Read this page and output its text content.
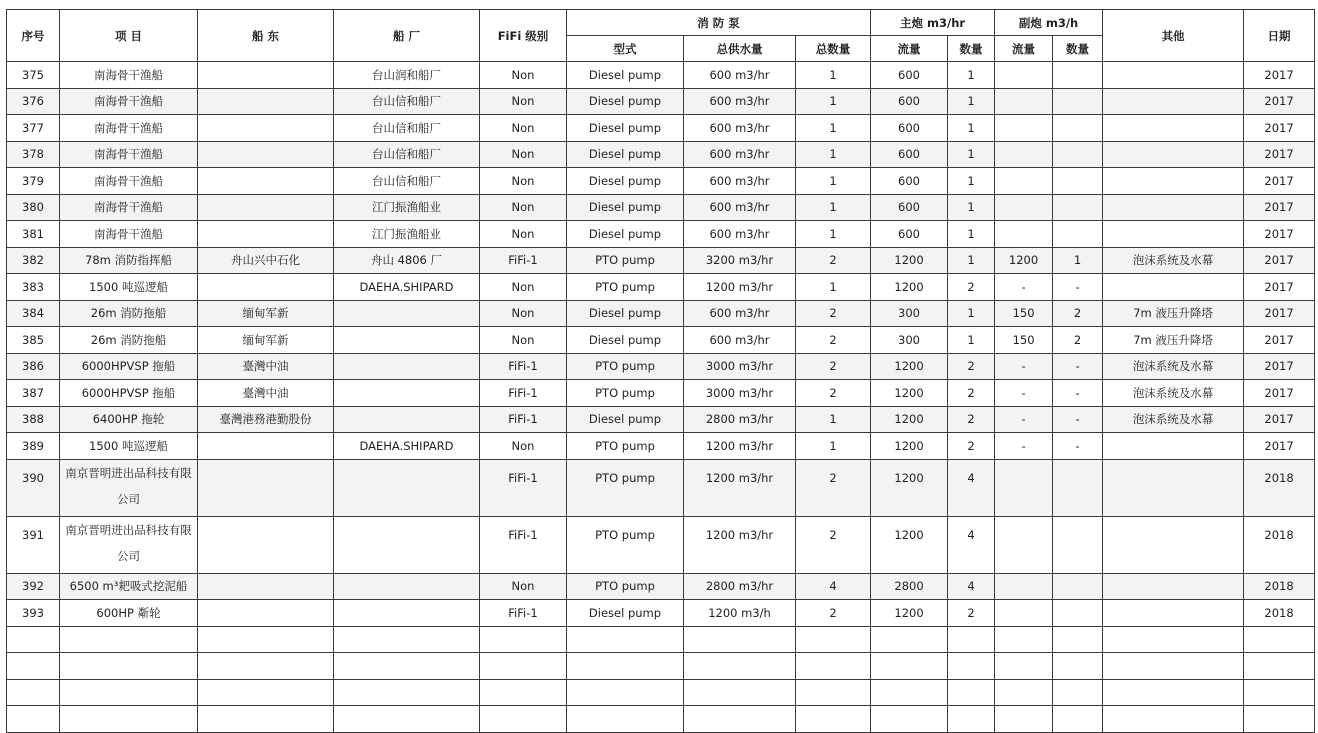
序号	项 目	船 东	船 厂	FiFi 级别	消 防 泵			主炮 m3/hr		副炮 m3/h		其他	日期
					型式	总供水量	总数量	流量	数量	流量	数量		
375	南海骨干渔船		台山润和船厂	Non	Diesel pump	600 m3/hr	1	600	1				2017
376	南海骨干渔船		台山信和船厂	Non	Diesel pump	600 m3/hr	1	600	1				2017
377	南海骨干渔船		台山信和船厂	Non	Diesel pump	600 m3/hr	1	600	1				2017
378	南海骨干渔船		台山信和船厂	Non	Diesel pump	600 m3/hr	1	600	1				2017
379	南海骨干渔船		台山信和船厂	Non	Diesel pump	600 m3/hr	1	600	1				2017
380	南海骨干渔船		江门振渔船业	Non	Diesel pump	600 m3/hr	1	600	1				2017
381	南海骨干渔船		江门振渔船业	Non	Diesel pump	600 m3/hr	1	600	1				2017
382	78m 消防指挥船	舟山兴中石化	舟山 4806 厂	FiFi-1	PTO pump	3200 m3/hr	2	1200	1	1200	1	泡沫系统及水幕	2017
383	1500 吨巡逻船		DAEHA.SHIPARD	Non	PTO pump	1200 m3/hr	1	1200	2	-	-		2017
384	26m 消防拖船	缅甸军新		Non	Diesel pump	600 m3/hr	2	300	1	150	2	7m 液压升降塔	2017
385	26m 消防拖船	缅甸军新		Non	Diesel pump	600 m3/hr	2	300	1	150	2	7m 液压升降塔	2017
386	6000HPVSP 拖船	臺灣中油		FiFi-1	PTO pump	3000 m3/hr	2	1200	2	-	-	泡沫系统及水幕	2017
387	6000HPVSP 拖船	臺灣中油		FiFi-1	PTO pump	3000 m3/hr	2	1200	2	-	-	泡沫系统及水幕	2017
388	6400HP 拖轮	臺灣港務港勤股份		FiFi-1	Diesel pump	2800 m3/hr	1	1200	2	-	-	泡沫系统及水幕	2017
389	1500 吨巡逻船		DAEHA.SHIPARD	Non	PTO pump	1200 m3/hr	1	1200	2	-	-		2017
390	南京晋明进出品科技有限公司			FiFi-1	PTO pump	1200 m3/hr	2	1200	4				2018
391	南京晋明进出品科技有限公司			FiFi-1	PTO pump	1200 m3/hr	2	1200	4				2018
392	6500 m³耙吸式挖泥船			Non	PTO pump	2800 m3/hr	4	2800	4				2018
393	600HP 斴轮			FiFi-1	Diesel pump	1200 m3/h	2	1200	2				2018
